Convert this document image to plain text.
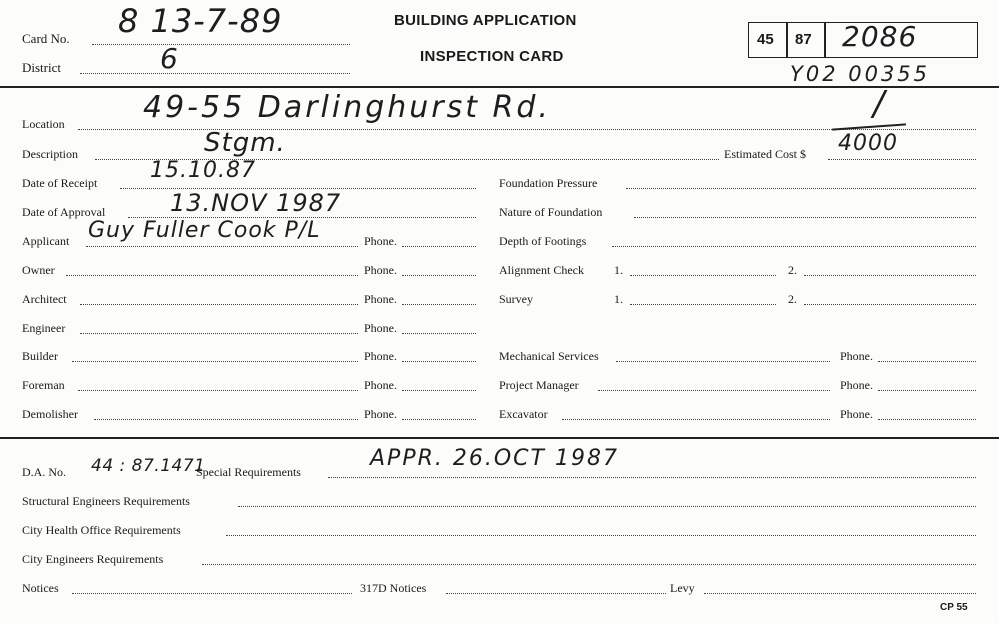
Card No. 8 13-7-89
District	6
BUILDING APPLICATION
INSPECTION CARD
45 87 2086
Y02 00355
Location	49-55 Darlinghurst Rd.
Description	Stgm.	Estimated Cost $ 4000
/
Date of Receipt 15.10.87
Date of Approval	13.NOV 1987
Applicant Guy Fuller Cook P/L	Phone.
Owner	Phone.
Architect	Phone.
Engineer	Phone.
Builder	Phone.
Foreman	Phone.
Demolisher	Phone.
Foundation Pressure
Nature of Foundation
Depth of Footings
Alignment Check	1.	2.
Survey	1.	2.
Mechanical Services	Phone.
Project Manager	Phone.
Excavator	Phone.
D.A. No. 44 : 87.1471
Special Requirements
APPR. 26.OCT 1987
Structural Engineers Requirements
City Health Office Requirements
City Engineers Requirements
Notices	317D Notices	Levy
CP 55
